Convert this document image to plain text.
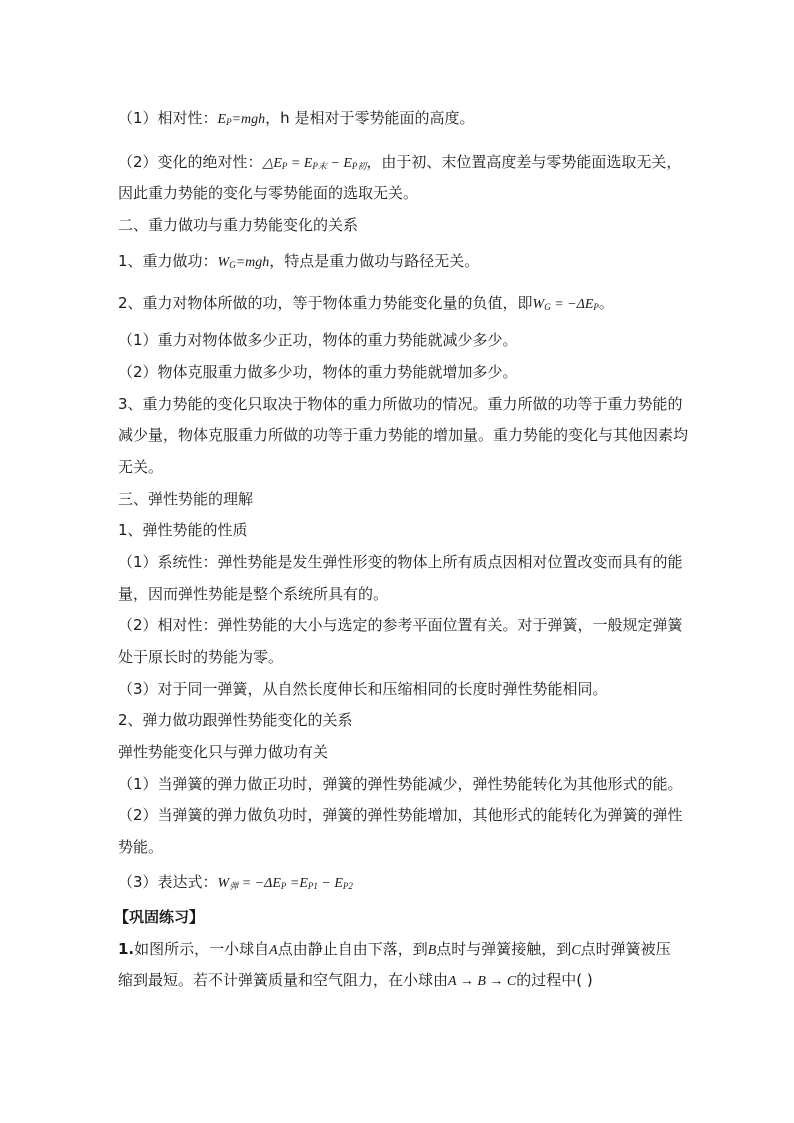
（1）相对性：$E_P=mgh$，h 是相对于零势能面的高度。
（2）变化的绝对性：$\triangle E_P = E_{P末} - E_{P初}$，由于初、末位置高度差与零势能面选取无关，
因此重力势能的变化与零势能面的选取无关。
二、重力做功与重力势能变化的关系
1、重力做功：$W_G=mgh$，特点是重力做功与路径无关。
2、重力对物体所做的功，等于物体重力势能变化量的负值，即$W_G = -\Delta E_P$。
（1）重力对物体做多少正功，物体的重力势能就减少多少。
（2）物体克服重力做多少功，物体的重力势能就增加多少。
3、重力势能的变化只取决于物体的重力所做功的情况。重力所做的功等于重力势能的
减少量，物体克服重力所做的功等于重力势能的增加量。重力势能的变化与其他因素均
无关。
三、弹性势能的理解
1、弹性势能的性质
（1）系统性：弹性势能是发生弹性形变的物体上所有质点因相对位置改变而具有的能
量，因而弹性势能是整个系统所具有的。
（2）相对性：弹性势能的大小与选定的参考平面位置有关。对于弹簧，一般规定弹簧
处于原长时的势能为零。
（3）对于同一弹簧，从自然长度伸长和压缩相同的长度时弹性势能相同。
2、弹力做功跟弹性势能变化的关系
弹性势能变化只与弹力做功有关
（1）当弹簧的弹力做正功时，弹簧的弹性势能减少，弹性势能转化为其他形式的能。
（2）当弹簧的弹力做负功时，弹簧的弹性势能增加，其他形式的能转化为弹簧的弹性
势能。
（3）表达式：$W_弹 = -\Delta E_P =E_{P1} - E_{P2}$
【巩固练习】
1.如图所示，一小球自A点由静止自由下落，到B点时与弹簧接触，到C点时弹簧被压
缩到最短。若不计弹簧质量和空气阻力，在小球由A → B → C的过程中( )
